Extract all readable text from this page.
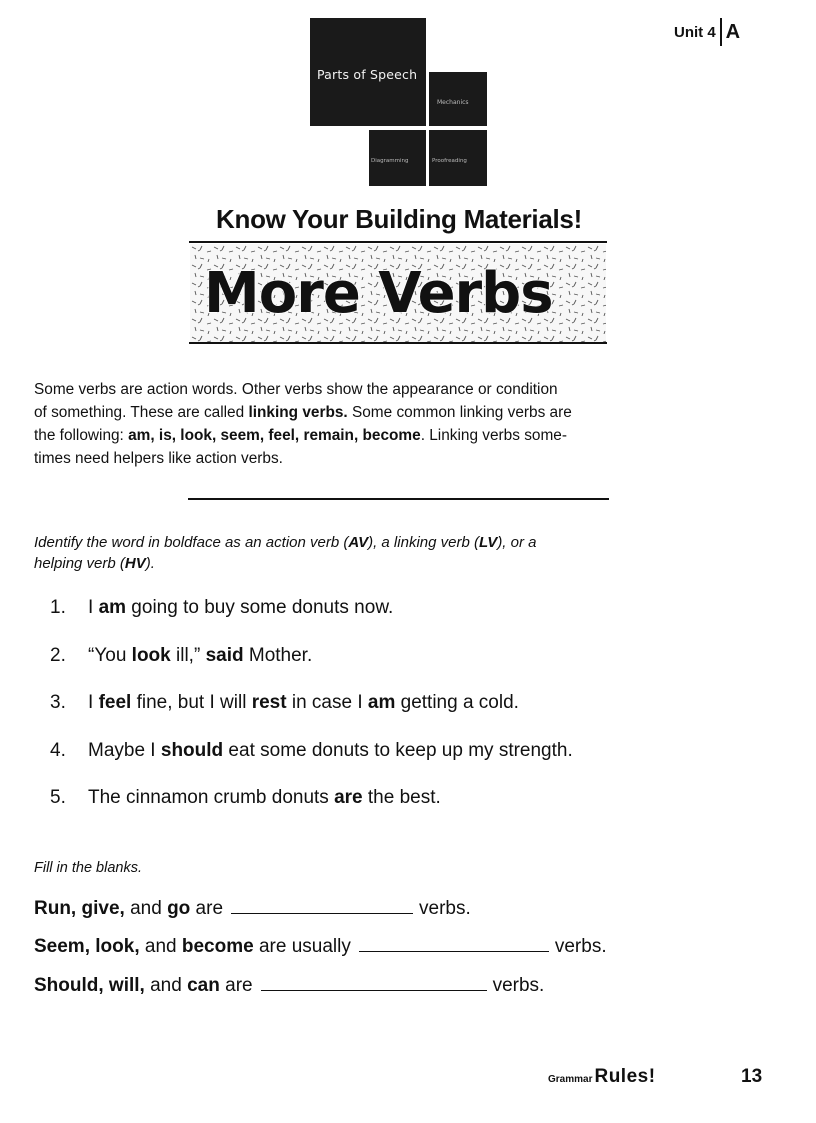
Unit 4 A
Parts of Speech
Mechanics
Diagramming	Proofreading
Know Your Building Materials!
More Verbs

Some verbs are action words. Other verbs show the appearance or condition

of something. These are called linking verbs. Some common linking verbs are

the following: am, is, look, seem, feel, remain, become. Linking verbs some-

times need helpers like action verbs.

Identify the word in boldface as an action verb (AV), a linking verb (LV), or a

helping verb (HV).

1.	I am going to buy some donuts now.
2.	“You look ill,” said Mother.
3.	I feel fine, but I will rest in case I am getting a cold.
4.	Maybe I should eat some donuts to keep up my strength.
5.	The cinnamon crumb donuts are the best.
Fill in the blanks.
Run, give, and go are	verbs.
Seem, look, and become are usually	verbs.
Should, will, and can are	verbs.
Grammar Rules!	13
